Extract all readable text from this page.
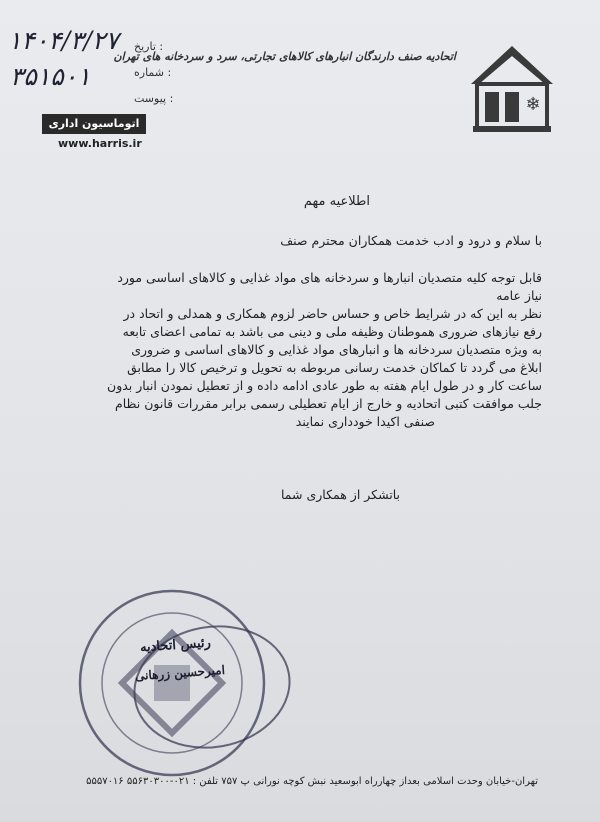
۱۴۰۴/۳/۲۷
۳۵۱۵۰۱
تاریخ :
شماره :
پیوست :
اتحادیه صنف دارندگان انبارهای کالاهای تجارتی، سرد و سردخانه های تهران
❄
اتوماسیون اداری
www.harris.ir
اطلاعیه مهم
با سلام و درود و ادب خدمت همکاران محترم صنف
قابل توجه کلیه متصدیان انبارها و سردخانه های مواد غذایی و کالاهای اساسی مورد
نیاز عامه
نظر به این که در شرایط خاص و حساس حاضر لزوم همکاری و همدلی و اتحاد در
رفع نیازهای ضروری هموطنان وظیفه ملی و دینی می باشد به تمامی اعضای تابعه
به ویژه متصدیان سردخانه ها و انبارهای مواد غذایی و کالاهای اساسی و ضروری
ابلاغ می گردد تا کماکان خدمت رسانی مربوطه به تحویل و ترخیص کالا را مطابق
ساعت کار و در طول ایام هفته به طور عادی ادامه داده و از تعطیل نمودن انبار بدون
جلب موافقت کتبی اتحادیه و خارج از ایام تعطیلی رسمی برابر مقررات قانون نظام
صنفی اکیدا خودداری نمایند
باتشکر از همکاری شما
رئیس اتحادیه
امیرحسین زرهانی
تهران-خیابان وحدت اسلامی بعداز چهارراه ابوسعید نبش کوچه نورانی پ ۷۵۷ تلفن : ۰۲۱-۵۵۶۳۰۳۰۰ ۵۵۵۷۰۱۶
